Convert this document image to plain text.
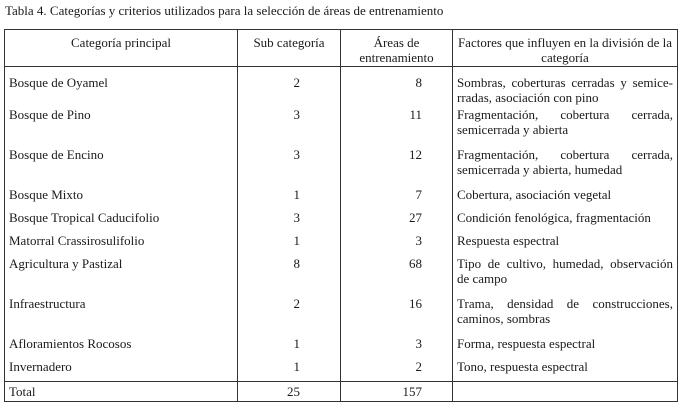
Tabla 4. Categorías y criterios utilizados para la selección de áreas de entrenamiento
Categoría principal	Sub categoría	Áreas de entrenamiento	Factores que influyen en la división de la categoría
Bosque de Oyamel	2	8	Sombras, coberturas cerradas y semice-rradas, asociación con pino
Bosque de Pino	3	11	Fragmentación, cobertura cerrada, semicerrada y abierta
Bosque de Encino	3	12	Fragmentación, cobertura cerrada, semicerrada y abierta, humedad
Bosque Mixto	1	7	Cobertura, asociación vegetal
Bosque Tropical Caducifolio	3	27	Condición fenológica, fragmentación
Matorral Crassirosulifolio	1	3	Respuesta espectral
Agricultura y Pastizal	8	68	Tipo de cultivo, humedad, observación de campo
Infraestructura	2	16	Trama, densidad de construcciones, caminos, sombras
Afloramientos Rocosos	1	3	Forma, respuesta espectral
Invernadero	1	2	Tono, respuesta espectral
Total	25	157	
